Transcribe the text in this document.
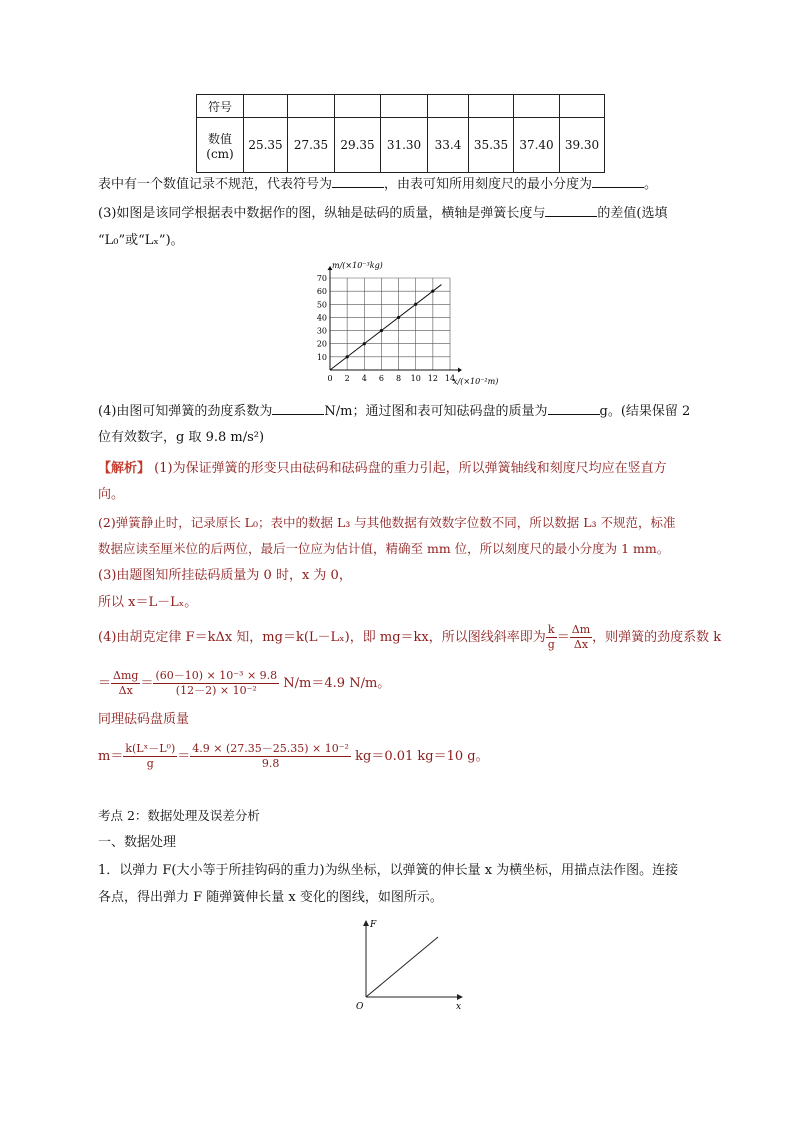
符号								

数值
(cm)	25.35	27.35	29.35	31.30	33.4	35.35	37.40	39.30
表中有一个数值记录不规范，代表符号为	，由表可知所用刻度尺的最小分度为	。
(3)如图是该同学根据表中数据作的图，纵轴是砝码的质量，横轴是弹簧长度与	的差值(选填
“L₀”或“Lₓ”)。
0 2 4 6 8 10 12 14
10
20
30
40
50
60
70
m/(×10⁻³kg)
x/(×10⁻²m)
(4)由图可知弹簧的劲度系数为	N/m；通过图和表可知砝码盘的质量为	g。(结果保留 2
位有效数字，g 取 9.8 m/s²)
【解析】 (1)为保证弹簧的形变只由砝码和砝码盘的重力引起，所以弹簧轴线和刻度尺均应在竖直方
向。
(2)弹簧静止时，记录原长 L₀；表中的数据 L₃ 与其他数据有效数字位数不同，所以数据 L₃ 不规范，标准
数据应读至厘米位的后两位，最后一位应为估计值，精确至 mm 位，所以刻度尺的最小分度为 1 mm。
(3)由题图知所挂砝码质量为 0 时，x 为 0，
所以 x＝L－Lₓ。
(4)由胡克定律 F＝kΔx 知，mg＝k(L－Lₓ)，即 mg＝kx，所以图线斜率即为 $\frac{k}{g} = \frac{\Delta m}{\Delta x}$ ，则弹簧的劲度系数 k
＝ $\frac{\text{Δmg}}{\Delta x} = \frac{\text{(60－10) × 10⁻³ × 9.8}}{\text{(12－2) × 10⁻²}} N/m=4.9$ N/m。
同理砝码盘质量
$m= \frac{\text{k(Lˣ－L⁰)}}{g} = \frac{\text{4.9 × (27.35－25.35) × 10⁻²}}{9.8} kg=0.01$ kg＝10 g。
考点 2：数据处理及误差分析
一、数据处理
1．以弹力 F(大小等于所挂钩码的重力)为纵坐标，以弹簧的伸长量 x 为横坐标，用描点法作图。连接
各点，得出弹力 F 随弹簧伸长量 x 变化的图线，如图所示。
F
x
O
